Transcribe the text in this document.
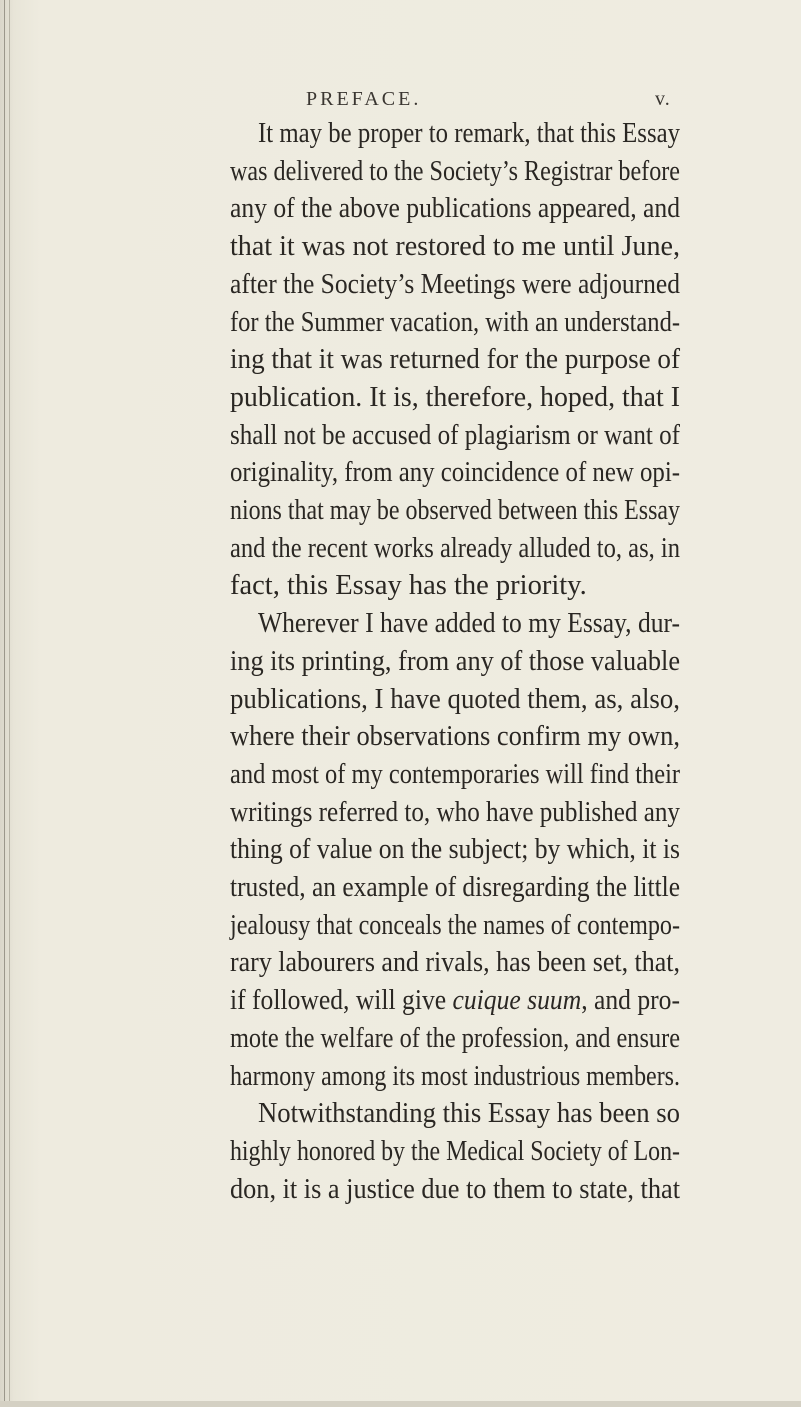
PREFACE.	v.
It may be proper to remark, that this Essay
was delivered to the Society’s Registrar before
any of the above publications appeared, and
that it was not restored to me until June,
after the Society’s Meetings were adjourned
for the Summer vacation, with an understand-
ing that it was returned for the purpose of
publication. It is, therefore, hoped, that I
shall not be accused of plagiarism or want of
originality, from any coincidence of new opi-
nions that may be observed between this Essay
and the recent works already alluded to, as, in
fact, this Essay has the priority.
Wherever I have added to my Essay, dur-
ing its printing, from any of those valuable
publications, I have quoted them, as, also,
where their observations confirm my own,
and most of my contemporaries will find their
writings referred to, who have published any
thing of value on the subject; by which, it is
trusted, an example of disregarding the little
jealousy that conceals the names of contempo-
rary labourers and rivals, has been set, that,
if followed, will give cuique suum, and pro-
mote the welfare of the profession, and ensure
harmony among its most industrious members.
Notwithstanding this Essay has been so
highly honored by the Medical Society of Lon-
don, it is a justice due to them to state, that
